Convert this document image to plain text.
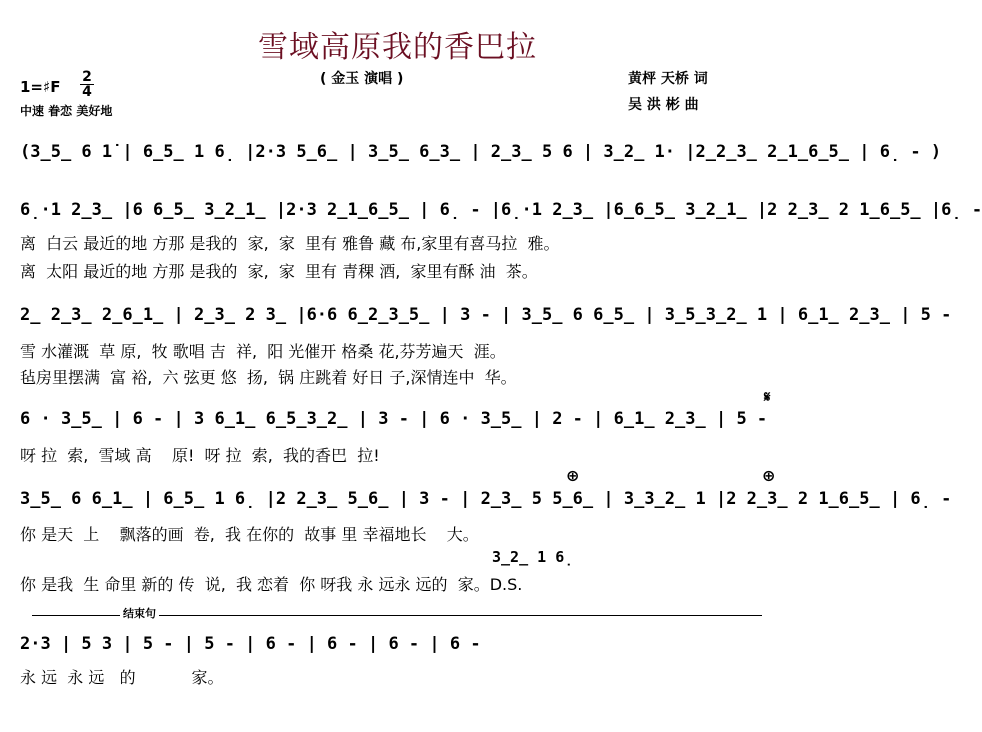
雪域高原我的香巴拉
( 金玉 演唱 )
1=♯F
2
4
中速 眷恋 美好地
黄枰 天桥 词
吴 洪 彬 曲
(3̲5̲ 6 1̇ | 6̲5̲ 1 6̣ |2·3 5̲6̲ | 3̲5̲ 6̲3̲ | 2̲3̲ 5 6 | 3̲2̲ 1· |2̲2̲3̲ 2̲1̲6̲5̲ | 6̣ - )
6̣·1 2̲3̲ |6 6̲5̲ 3̲2̲1̲ |2·3 2̲1̲6̲5̲ | 6̣ - |6̣·1 2̲3̲ |6̲6̲5̲ 3̲2̲1̲ |2 2̲3̲ 2 1̲6̲5̲ |6̣ -
离  白云 最近的地 方那 是我的  家,  家  里有 雅鲁 藏 布,家里有喜马拉  雅。
离  太阳 最近的地 方那 是我的  家,  家  里有 青稞 酒,  家里有酥 油  茶。
2̲ 2̲3̲ 2̲6̲1̲ | 2̲3̲ 2 3̲ |6·6 6̲2̲3̲5̲ | 3 - | 3̲5̲ 6 6̲5̲ | 3̲5̲3̲2̲ 1 | 6̲1̲ 2̲3̲ | 5 -
雪 水灌溉  草 原,  牧 歌唱 吉  祥,  阳 光催开 格桑 花,芬芳遍天  涯。
毡房里摆满  富 裕,  六 弦更 悠  扬,  锅 庄跳着 好日 子,深情连中  华。
6 · 3̲5̲ | 6 - | 3 6̲1̲ 6̲5̲3̲2̲ | 3 - | 6 · 3̲5̲ | 2 - | 6̲1̲ 2̲3̲ | 5 -
呀 拉  索,  雪域 高    原!  呀 拉  索,  我的香巴  拉!
𝄋
⊕	⊕
3̲5̲ 6 6̲1̲ | 6̲5̲ 1 6̣ |2 2̲3̲ 5̲6̲ | 3 - | 2̲3̲ 5 5̲6̲ | 3̲3̲2̲ 1 |2 2̲3̲ 2 1̲6̲5̲ | 6̣ -
你 是天  上    飘落的画  卷,  我 在你的  故事 里 幸福地长    大。
3̲2̲ 1 6̣
你 是我  生 命里 新的 传  说,  我 恋着  你 呀我 永 远永 远的  家。D.S.
结束句
2·3 | 5 3 | 5 - | 5 - | 6 - | 6 - | 6 - | 6 -
永 远  永 远   的           家。
